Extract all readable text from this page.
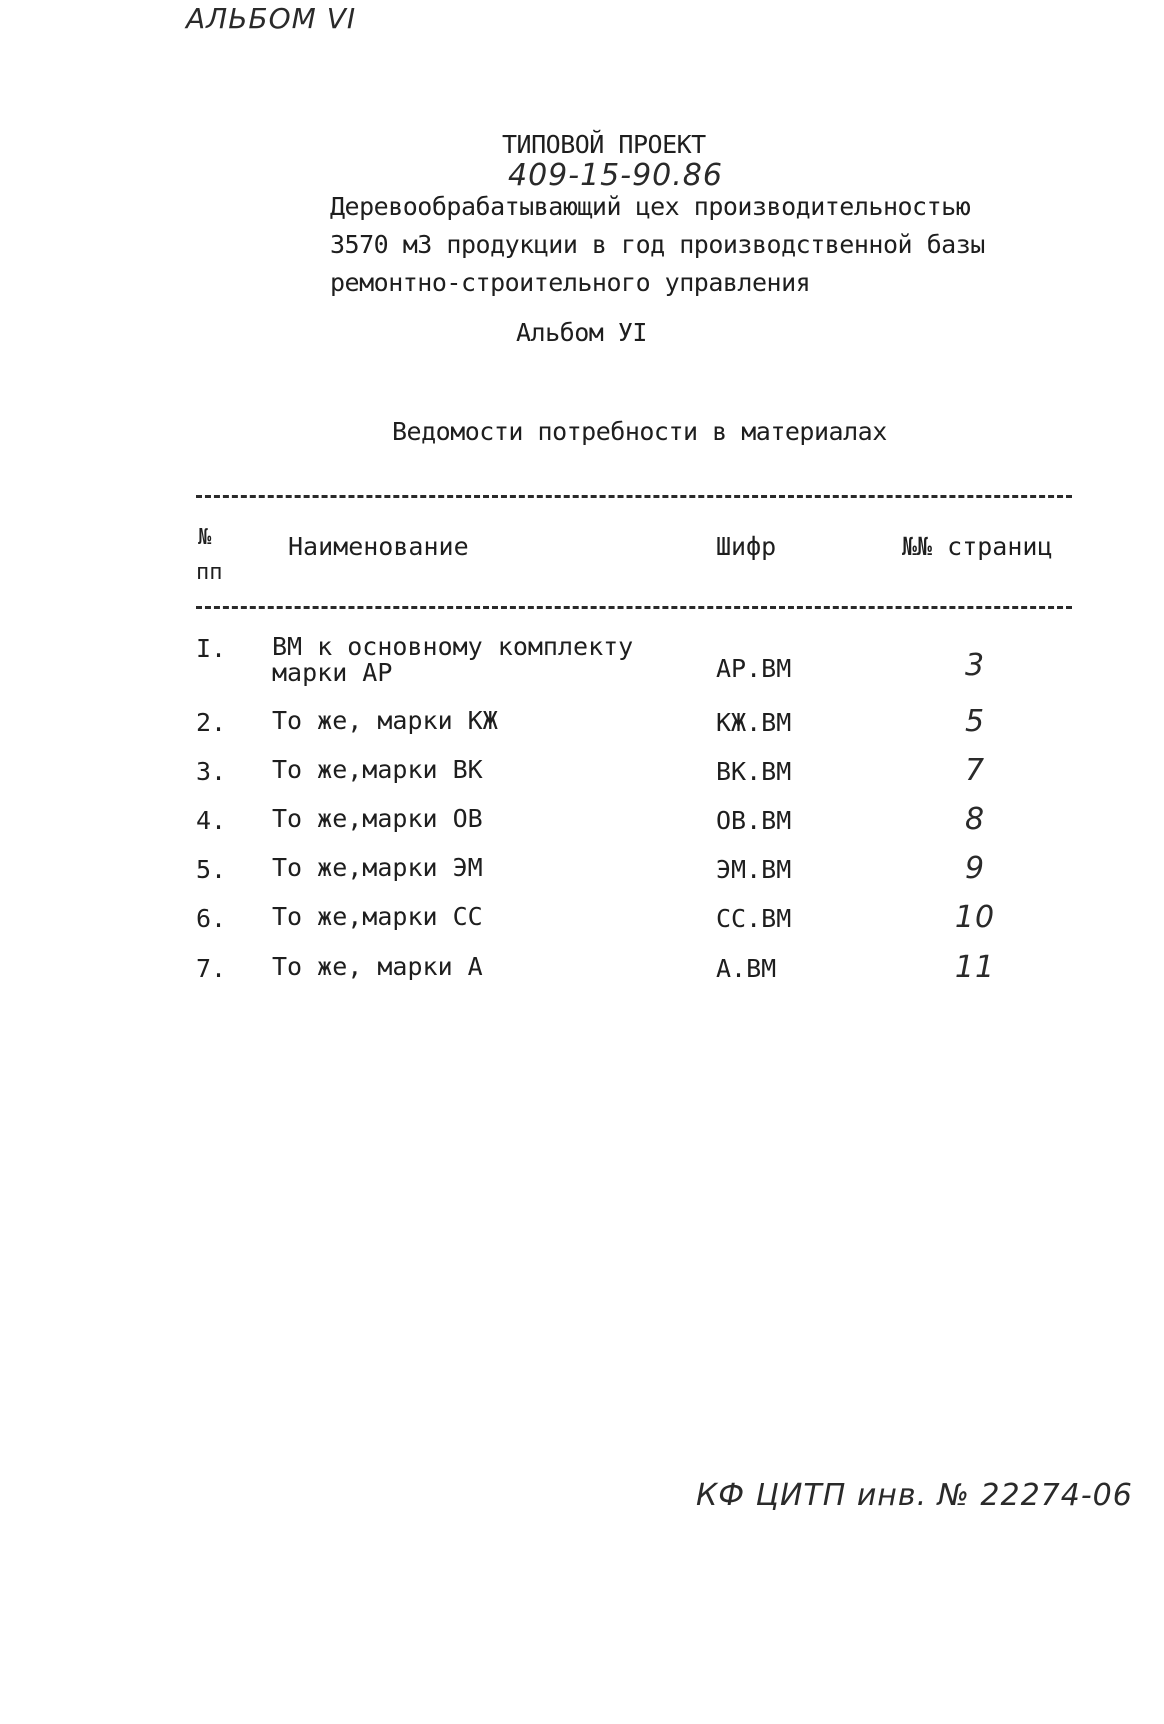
АЛЬБОМ VI
ТИПОВОЙ ПРОЕКТ
409-15-90.86
Деревообрабатывающий цех производительностью
3570 м3 продукции в год производственной базы
ремонтно-строительного управления
Альбом УI
Ведомости потребности в материалах
№
пп
Наименование	Шифр	№№ страниц
I. ВМ к основному комплекту
марки АР	АР.ВМ	3
2. То же, марки КЖ	КЖ.ВМ	5
3. То же,марки ВК	ВК.ВМ	7
4. То же,марки ОВ	ОВ.ВМ	8
5. То же,марки ЭМ	ЭМ.ВМ	9
6. То же,марки СС	СС.ВМ	10
7. То же, марки А	А.ВМ	11
КФ ЦИТП инв. № 22274-06
